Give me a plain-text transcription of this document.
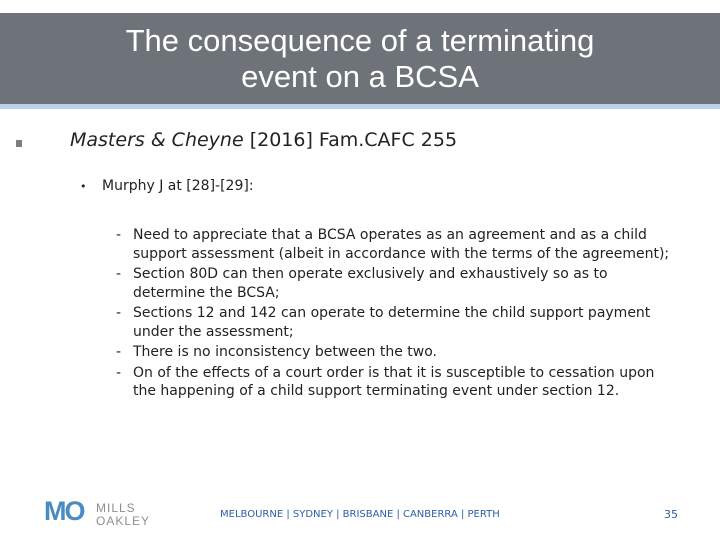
The consequence of a terminating
event on a BCSA
Masters & Cheyne [2016] Fam.CAFC 255
• Murphy J at [28]-[29]:
- Need to appreciate that a BCSA operates as an agreement and as a child support assessment (albeit in accordance with the terms of the agreement);
- Section 80D can then operate exclusively and exhaustively so as to determine the BCSA;
- Sections 12 and 142 can operate to determine the child support payment under the assessment;
- There is no inconsistency between the two.
- On of the effects of a court order is that it is susceptible to cessation upon the happening of a child support terminating event under section 12.
MO MILLS
OAKLEY	MELBOURNE | SYDNEY | BRISBANE | CANBERRA | PERTH	35
